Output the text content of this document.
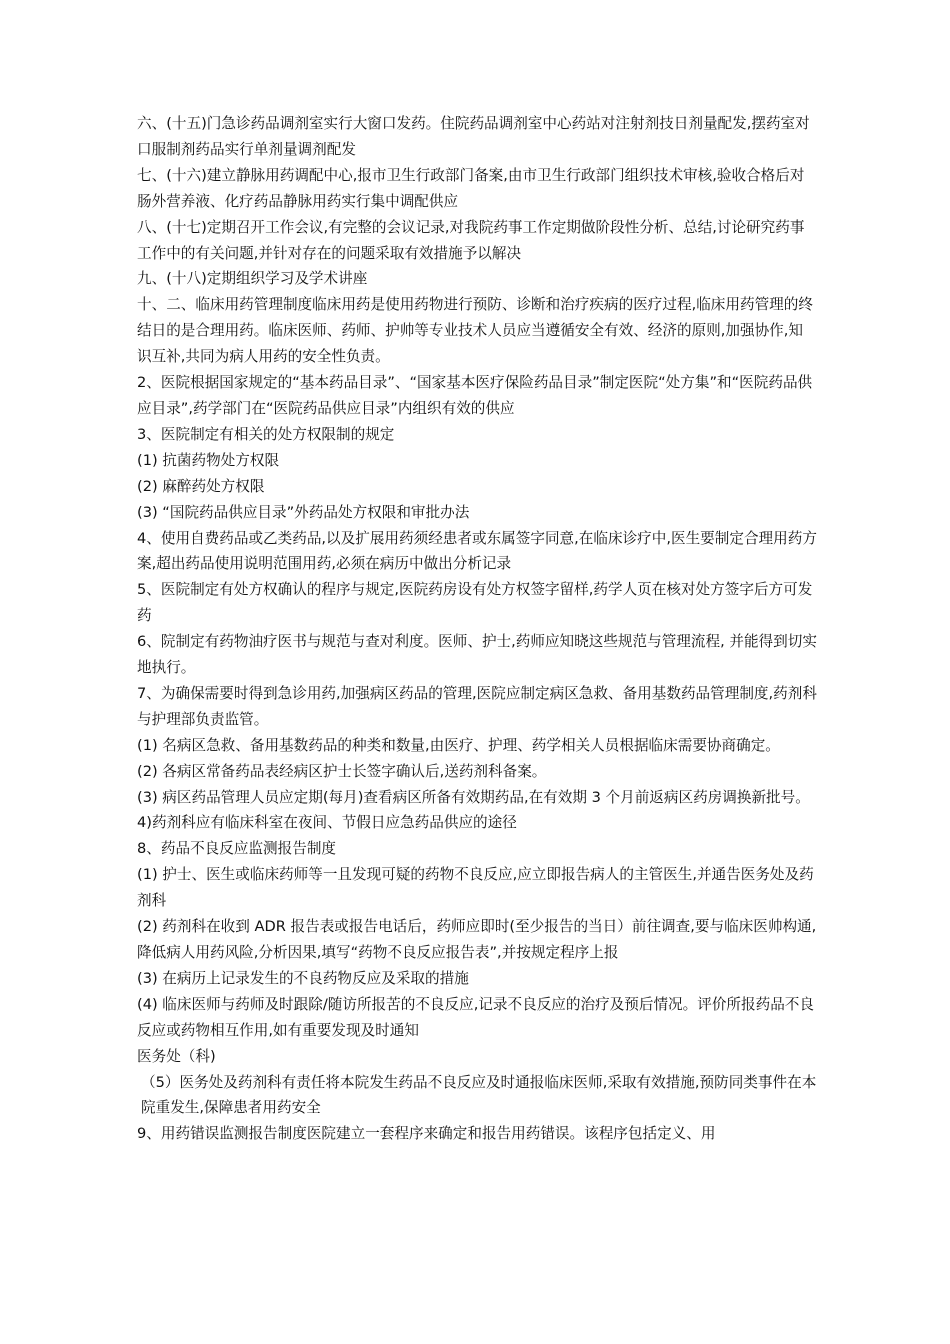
六、(十五)门急诊药品调剂室实行大窗口发药。住院药品调剂室中心药站对注射剂技日剂量配发,摆药室对口服制剂药品实行单剂量调剂配发

七、(十六)建立静脉用药调配中心,报市卫生行政部门备案,由市卫生行政部门组织技术审核,验收合格后对肠外营养液、化疗药品静脉用药实行集中调配供应

八、(十七)定期召开工作会议,有完整的会议记录,对我院药事工作定期做阶段性分析、总结,讨论研究药事工作中的有关问题,并针对存在的问题采取有效措施予以解决

九、(十八)定期组织学习及学术讲座

十、二、临床用药管理制度临床用药是使用药物进行预防、诊断和治疗疾病的医疗过程,临床用药管理的终结日的是合理用药。临床医师、药师、护帅等专业技术人员应当遵循安全有效、经济的原则,加强协作,知识互补,共同为病人用药的安全性负责。

2、医院根据国家规定的“基本药品目录”、“国家基本医疗保险药品目录”制定医院“处方集”和“医院药品供应目录”,药学部门在“医院药品供应目录”内组织有效的供应

3、医院制定有相关的处方权限制的规定

(1) 抗菌药物处方权限

(2) 麻醉药处方权限

(3) “国院药品供应目录”外药品处方权限和审批办法

4、使用自费药品或乙类药品,以及扩展用药须经患者或东属签字同意,在临床诊疗中,医生要制定合理用药方案,超出药品使用说明范围用药,必须在病历中做出分析记录

5、医院制定有处方权确认的程序与规定,医院药房设有处方权签字留样,药学人页在核对处方签字后方可发药

6、院制定有药物油疗医书与规范与查对利度。医师、护士,药师应知晓这些规范与管理流程, 并能得到切实地执行。

7、为确保需要时得到急诊用药,加强病区药品的管理,医院应制定病区急救、备用基数药品管理制度,药剂科与护理部负责监管。

(1) 名病区急救、备用基数药品的种类和数量,由医疗、护理、药学相关人员根据临床需要协商确定。

(2) 各病区常备药品表经病区护士长签字确认后,送药剂科备案。

(3) 病区药品管理人员应定期(每月)查看病区所备有效期药品,在有效期 3 个月前返病区药房调换新批号。

4)药剂科应有临床科室在夜间、节假日应急药品供应的途径

8、药品不良反应监测报告制度

(1) 护士、医生或临床药师等一且发现可疑的药物不良反应,应立即报告病人的主管医生,并通告医务处及药剂科

(2) 药剂科在收到 ADR 报告表或报告电话后，药师应即时(至少报告的当日）前往调查,要与临床医帅构通,降低病人用药风险,分析因果,填写“药物不良反应报告表”,并按规定程序上报

(3) 在病历上记录发生的不良药物反应及采取的措施

(4) 临床医师与药师及时跟除/随访所报苦的不良反应,记录不良反应的治疗及预后情况。评价所报药品不良反应或药物相互作用,如有重要发现及时通知

医务处（科)

（5）医务处及药剂科有责任将本院发生药品不良反应及时通报临床医师,采取有效措施,预防同类事件在本院重发生,保障患者用药安全

9、用药错误监测报告制度医院建立一套程序来确定和报告用药错误。该程序包括定义、用
